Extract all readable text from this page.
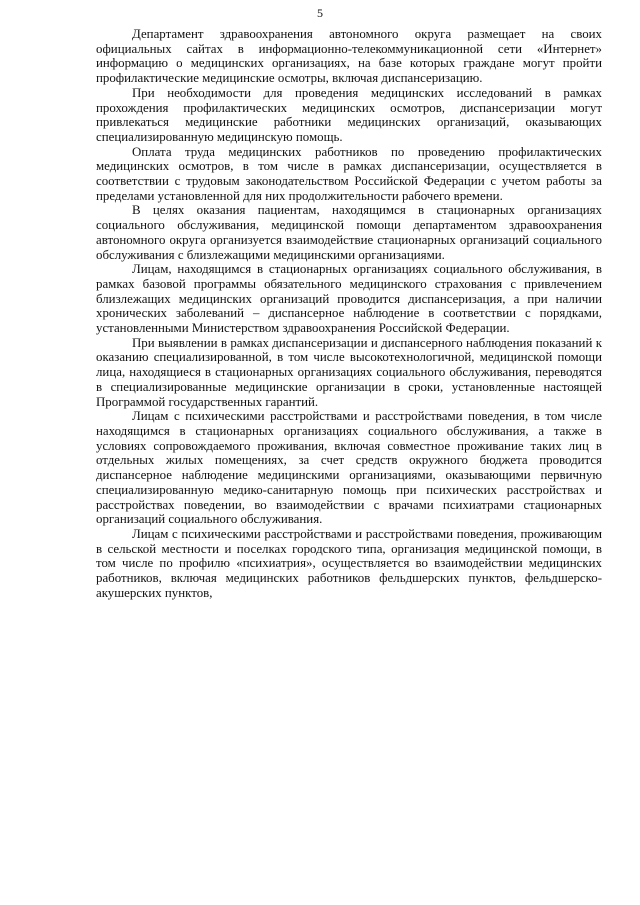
5

Департамент здравоохранения автономного округа размещает на своих официальных сайтах в информационно-телекоммуникационной сети «Интернет» информацию о медицинских организациях, на базе которых граждане могут пройти профилактические медицинские осмотры, включая диспансеризацию.

При необходимости для проведения медицинских исследований в рамках прохождения профилактических медицинских осмотров, диспансеризации могут привлекаться медицинские работники медицинских организаций, оказывающих специализированную медицинскую помощь.

Оплата труда медицинских работников по проведению профилактических медицинских осмотров, в том числе в рамках диспансеризации, осуществляется в соответствии с трудовым законодательством Российской Федерации с учетом работы за пределами установленной для них продолжительности рабочего времени.

В целях оказания пациентам, находящимся в стационарных организациях социального обслуживания, медицинской помощи департаментом здравоохранения автономного округа организуется взаимодействие стационарных организаций социального обслуживания с близлежащими медицинскими организациями.

Лицам, находящимся в стационарных организациях социального обслуживания, в рамках базовой программы обязательного медицинского страхования с привлечением близлежащих медицинских организаций проводится диспансеризация, а при наличии хронических заболеваний – диспансерное наблюдение в соответствии с порядками, установленными Министерством здравоохранения Российской Федерации.

При выявлении в рамках диспансеризации и диспансерного наблюдения показаний к оказанию специализированной, в том числе высокотехнологичной, медицинской помощи лица, находящиеся в стационарных организациях социального обслуживания, переводятся в специализированные медицинские организации в сроки, установленные настоящей Программой государственных гарантий.

Лицам с психическими расстройствами и расстройствами поведения, в том числе находящимся в стационарных организациях социального обслуживания, а также в условиях сопровождаемого проживания, включая совместное проживание таких лиц в отдельных жилых помещениях, за счет средств окружного бюджета проводится диспансерное наблюдение медицинскими организациями, оказывающими первичную специализированную медико-санитарную помощь при психических расстройствах и расстройствах поведении, во взаимодействии с врачами психиатрами стационарных организаций социального обслуживания.

Лицам с психическими расстройствами и расстройствами поведения, проживающим в сельской местности и поселках городского типа, организация медицинской помощи, в том числе по профилю «психиатрия», осуществляется во взаимодействии медицинских работников, включая медицинских работников фельдшерских пунктов, фельдшерско-акушерских пунктов,
